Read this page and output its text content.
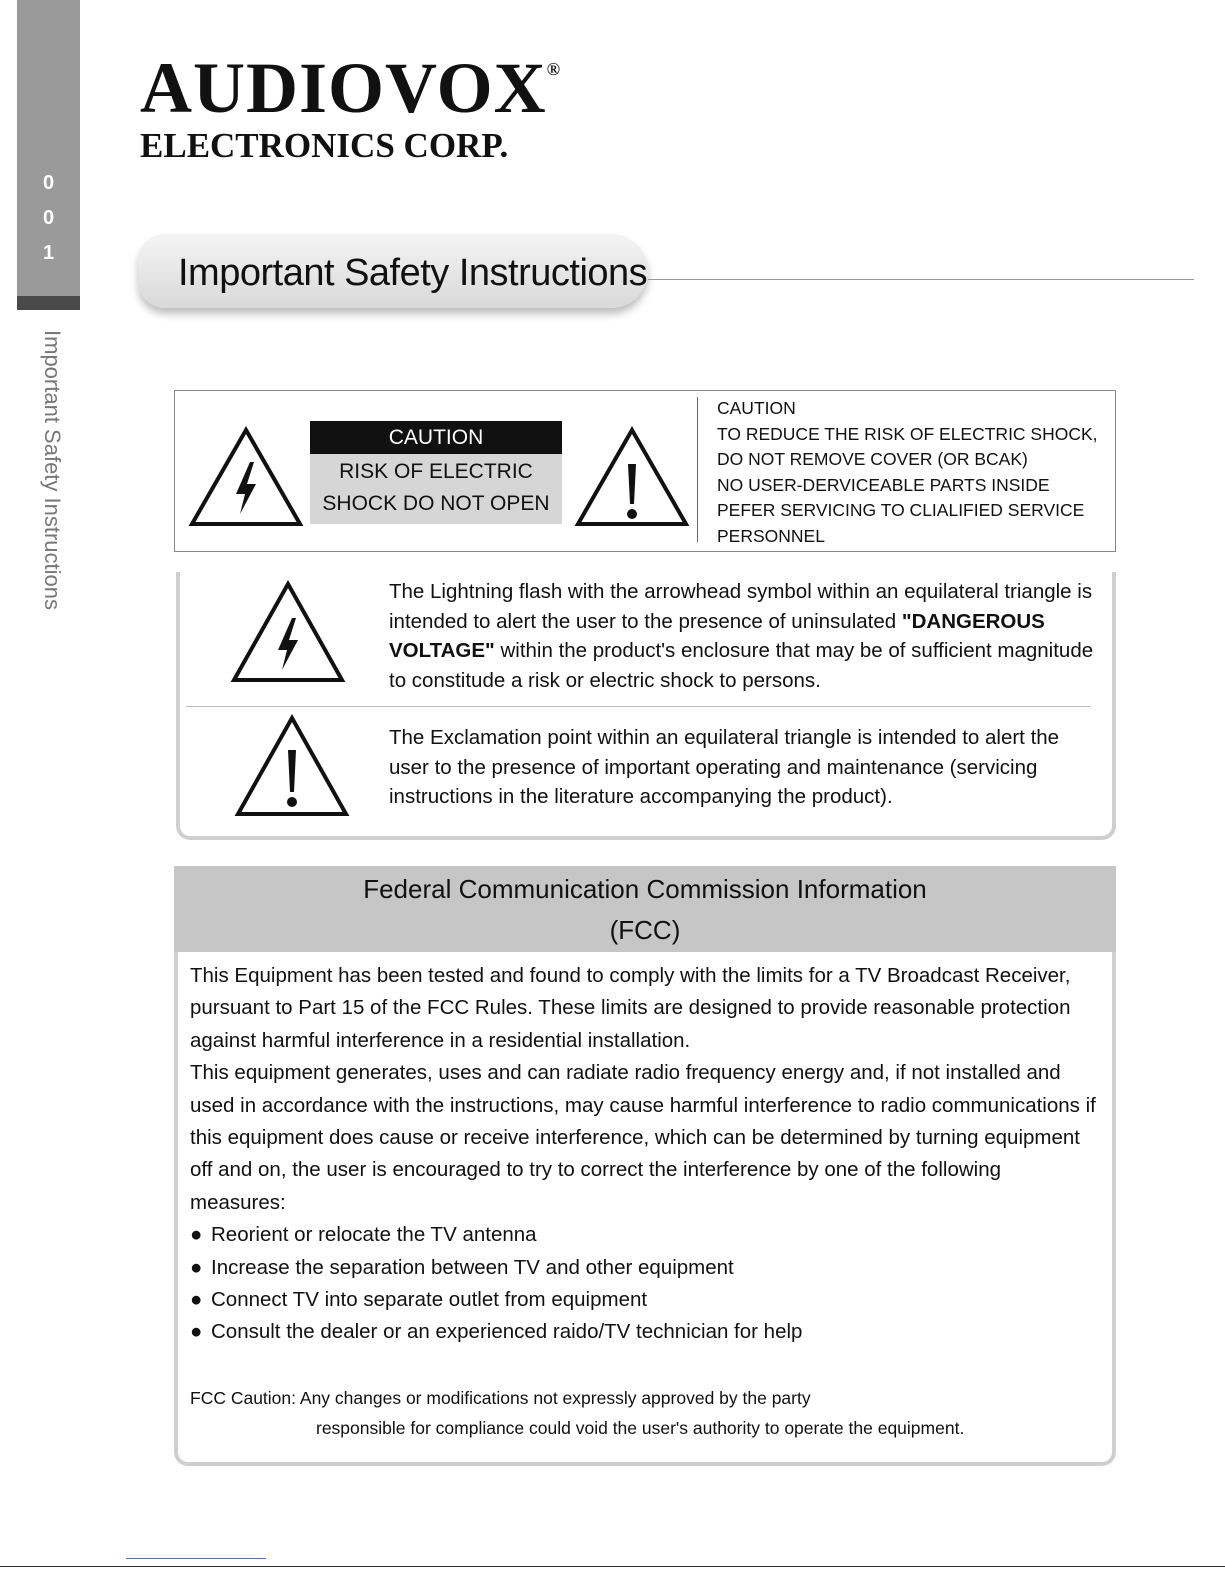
0
0
1
Important Safety Instructions
AUDIOVOX®
ELECTRONICS CORP.
Important Safety Instructions
CAUTION
RISK OF ELECTRIC
SHOCK DO NOT OPEN
CAUTION
TO REDUCE THE RISK OF ELECTRIC SHOCK,
DO NOT REMOVE COVER (OR BCAK)
NO USER-DERVICEABLE PARTS INSIDE
PEFER SERVICING TO CLIALIFIED SERVICE
PERSONNEL
The Lightning flash with the arrowhead symbol within an equilateral triangle is intended to alert the user to the presence of uninsulated "DANGEROUS VOLTAGE" within the product's enclosure that may be of sufficient magnitude to constitude a risk or electric shock to persons.
The Exclamation point within an equilateral triangle is intended to alert the user to the presence of important operating and maintenance (servicing instructions in the literature accompanying the product).
Federal Communication Commission Information
(FCC)

This Equipment has been tested and found to comply with the limits for a TV Broadcast Receiver, pursuant to Part 15 of the FCC Rules. These limits are designed to provide reasonable protection against harmful interference in a residential installation.

This equipment generates, uses and can radiate radio frequency energy and, if not installed and used in accordance with the instructions, may cause harmful interference to radio communications if this equipment does cause or receive interference, which can be determined by turning equipment off and on, the user is encouraged to try to correct the interference by one of the following measures:

● Reorient or relocate the TV antenna
● Increase the separation between TV and other equipment
● Connect TV into separate outlet from equipment
● Consult the dealer or an experienced raido/TV technician for help
FCC Caution: Any changes or modifications not expressly approved by the party
responsible for compliance could void the user's authority to operate the equipment.
